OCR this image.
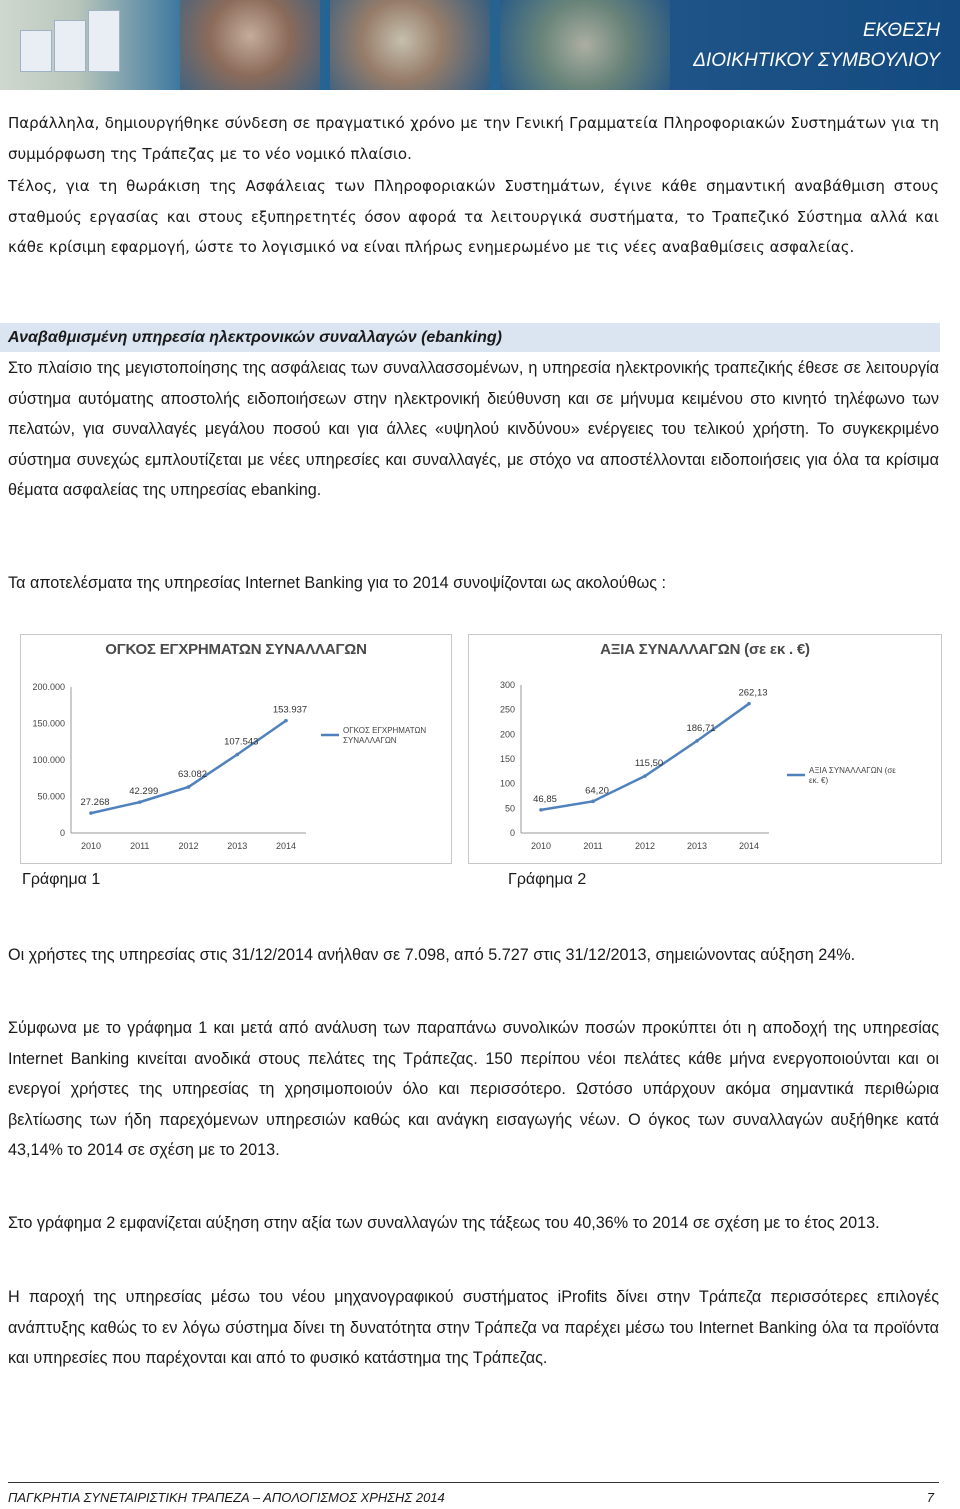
ΕΚΘΕΣΗ
ΔΙΟΙΚΗΤΙΚΟΥ ΣΥΜΒΟΥΛΙΟΥ

Παράλληλα, δημιουργήθηκε σύνδεση σε πραγματικό χρόνο με την Γενική Γραμματεία Πληροφοριακών Συστημάτων για τη συμμόρφωση της Τράπεζας με το νέο νομικό πλαίσιο.

Τέλος, για τη θωράκιση της Ασφάλειας των Πληροφοριακών Συστημάτων, έγινε κάθε σημαντική αναβάθμιση στους σταθμούς εργασίας και στους εξυπηρετητές όσον αφορά τα λειτουργικά συστήματα, το Τραπεζικό Σύστημα αλλά και κάθε κρίσιμη εφαρμογή, ώστε το λογισμικό να είναι πλήρως ενημερωμένο με τις νέες αναβαθμίσεις ασφαλείας.

Αναβαθμισμένη υπηρεσία ηλεκτρονικών συναλλαγών (ebanking)

Στο πλαίσιο της μεγιστοποίησης της ασφάλειας των συναλλασσομένων, η υπηρεσία ηλεκτρονικής τραπεζικής έθεσε σε λειτουργία σύστημα αυτόματης αποστολής ειδοποιήσεων στην ηλεκτρονική διεύθυνση και σε μήνυμα κειμένου στο κινητό τηλέφωνο των πελατών, για συναλλαγές μεγάλου ποσού και για άλλες «υψηλού κινδύνου» ενέργειες του τελικού χρήστη. Το συγκεκριμένο σύστημα συνεχώς εμπλουτίζεται με νέες υπηρεσίες και συναλλαγές, με στόχο να αποστέλλονται ειδοποιήσεις για όλα τα κρίσιμα θέματα ασφαλείας της υπηρεσίας ebanking.

Τα αποτελέσματα της υπηρεσίας Internet Banking για το 2014 συνοψίζονται ως ακολούθως :

ΟΓΚΟΣ ΕΓΧΡΗΜΑΤΩΝ ΣΥΝΑΛΛΑΓΩΝ
0
50.000
100.000
150.000
200.000
2010	2011	2012	2013	2014
27.268
42.299
63.082
107.543
153.937
ΟΓΚΟΣ ΕΓΧΡΗΜΑΤΩΝ ΣΥΝΑΛΛΑΓΩΝ
ΑΞΙΑ ΣΥΝΑΛΛΑΓΩΝ (σε εκ . €)
0
50
100
150
200
250
300
2010	2011	2012	2013	2014
46,85
64,20
115,50
186,71
262,13
ΑΞΙΑ ΣΥΝΑΛΛΑΓΩΝ (σε εκ. €)
Γράφημα 1	Γράφημα 2

Οι χρήστες της υπηρεσίας στις 31/12/2014 ανήλθαν σε 7.098, από 5.727 στις 31/12/2013, σημειώνοντας αύξηση 24%.

Σύμφωνα με το γράφημα 1 και μετά από ανάλυση των παραπάνω συνολικών ποσών προκύπτει ότι η αποδοχή της υπηρεσίας Internet Banking κινείται ανοδικά στους πελάτες της Τράπεζας. 150 περίπου νέοι πελάτες κάθε μήνα ενεργοποιούνται και οι ενεργοί χρήστες της υπηρεσίας τη χρησιμοποιούν όλο και περισσότερο. Ωστόσο υπάρχουν ακόμα σημαντικά περιθώρια βελτίωσης των ήδη παρεχόμενων υπηρεσιών καθώς και ανάγκη εισαγωγής νέων. Ο όγκος των συναλλαγών αυξήθηκε κατά 43,14% το 2014 σε σχέση με το 2013.

Στο γράφημα 2 εμφανίζεται αύξηση στην αξία των συναλλαγών της τάξεως του 40,36% το 2014 σε σχέση με το έτος 2013.

Η παροχή της υπηρεσίας μέσω του νέου μηχανογραφικού συστήματος iProfits δίνει στην Τράπεζα περισσότερες επιλογές ανάπτυξης καθώς το εν λόγω σύστημα δίνει τη δυνατότητα στην Τράπεζα να παρέχει μέσω του Internet Banking όλα τα προϊόντα και υπηρεσίες που παρέχονται και από το φυσικό κατάστημα της Τράπεζας.

ΠΑΓΚΡΗΤΙΑ ΣΥΝΕΤΑΙΡΙΣΤΙΚΗ ΤΡΑΠΕΖΑ – ΑΠΟΛΟΓΙΣΜΟΣ ΧΡΗΣΗΣ 2014	7
